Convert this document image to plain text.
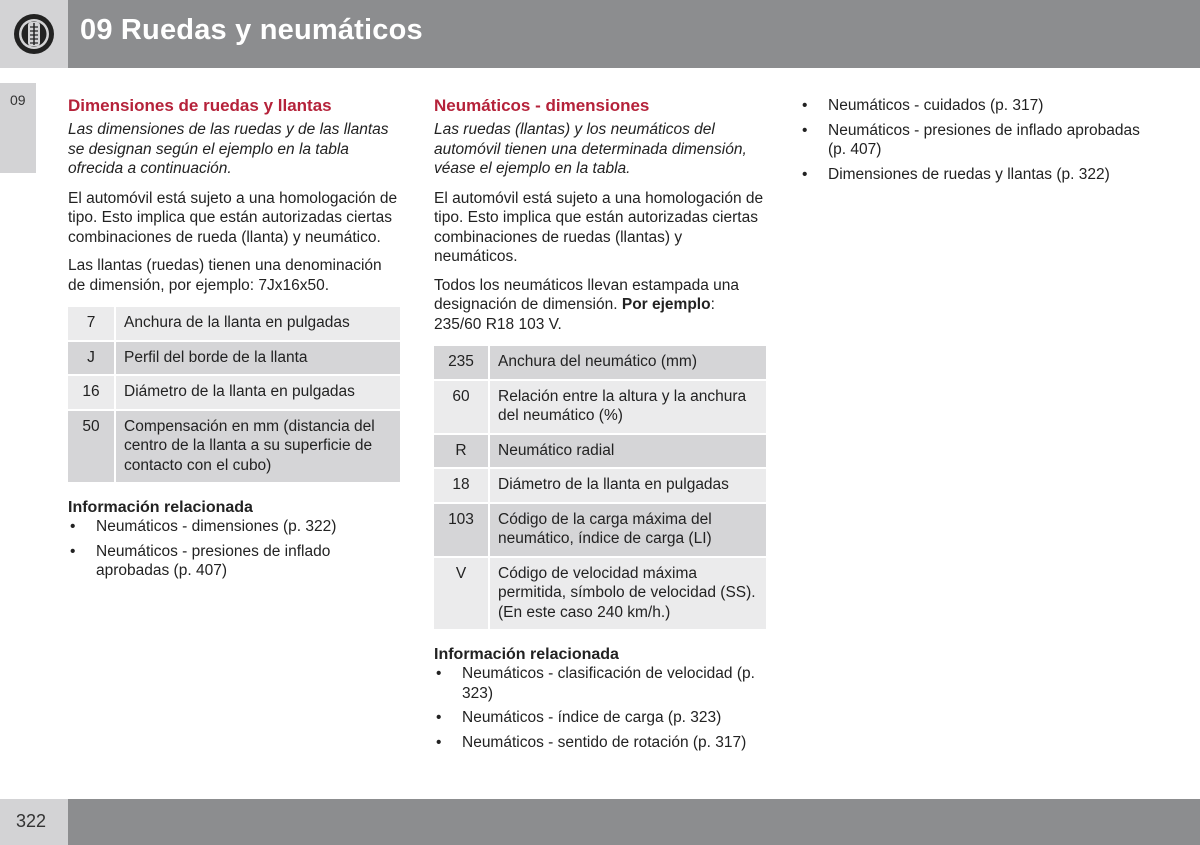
09 Ruedas y neumáticos
09
322
Dimensiones de ruedas y llantas

Las dimensiones de las ruedas y de las llantas se designan según el ejemplo en la tabla ofrecida a continuación.

El automóvil está sujeto a una homologación de tipo. Esto implica que están autorizadas ciertas combinaciones de rueda (llanta) y neumático.

Las llantas (ruedas) tienen una denominación de dimensión, por ejemplo: 7Jx16x50.

7	Anchura de la llanta en pulgadas
J	Perfil del borde de la llanta
16	Diámetro de la llanta en pulgadas
50	Compensación en mm (distancia del centro de la llanta a su superficie de contacto con el cubo)
Información relacionada
• Neumáticos - dimensiones (p. 322)
• Neumáticos - presiones de inflado aprobadas (p. 407)
Neumáticos - dimensiones

Las ruedas (llantas) y los neumáticos del automóvil tienen una determinada dimensión, véase el ejemplo en la tabla.

El automóvil está sujeto a una homologación de tipo. Esto implica que están autorizadas ciertas combinaciones de ruedas (llantas) y neumáticos.

Todos los neumáticos llevan estampada una designación de dimensión. Por ejemplo: 235/60 R18 103 V.

235	Anchura del neumático (mm)
60	Relación entre la altura y la anchura del neumático (%)
R	Neumático radial
18	Diámetro de la llanta en pulgadas
103	Código de la carga máxima del neumático, índice de carga (LI)
V	Código de velocidad máxima permitida, símbolo de velocidad (SS). (En este caso 240 km/h.)
Información relacionada
• Neumáticos - clasificación de velocidad (p. 323)
• Neumáticos - índice de carga (p. 323)
• Neumáticos - sentido de rotación (p. 317)
• Neumáticos - cuidados (p. 317)
• Neumáticos - presiones de inflado aprobadas (p. 407)
• Dimensiones de ruedas y llantas (p. 322)
